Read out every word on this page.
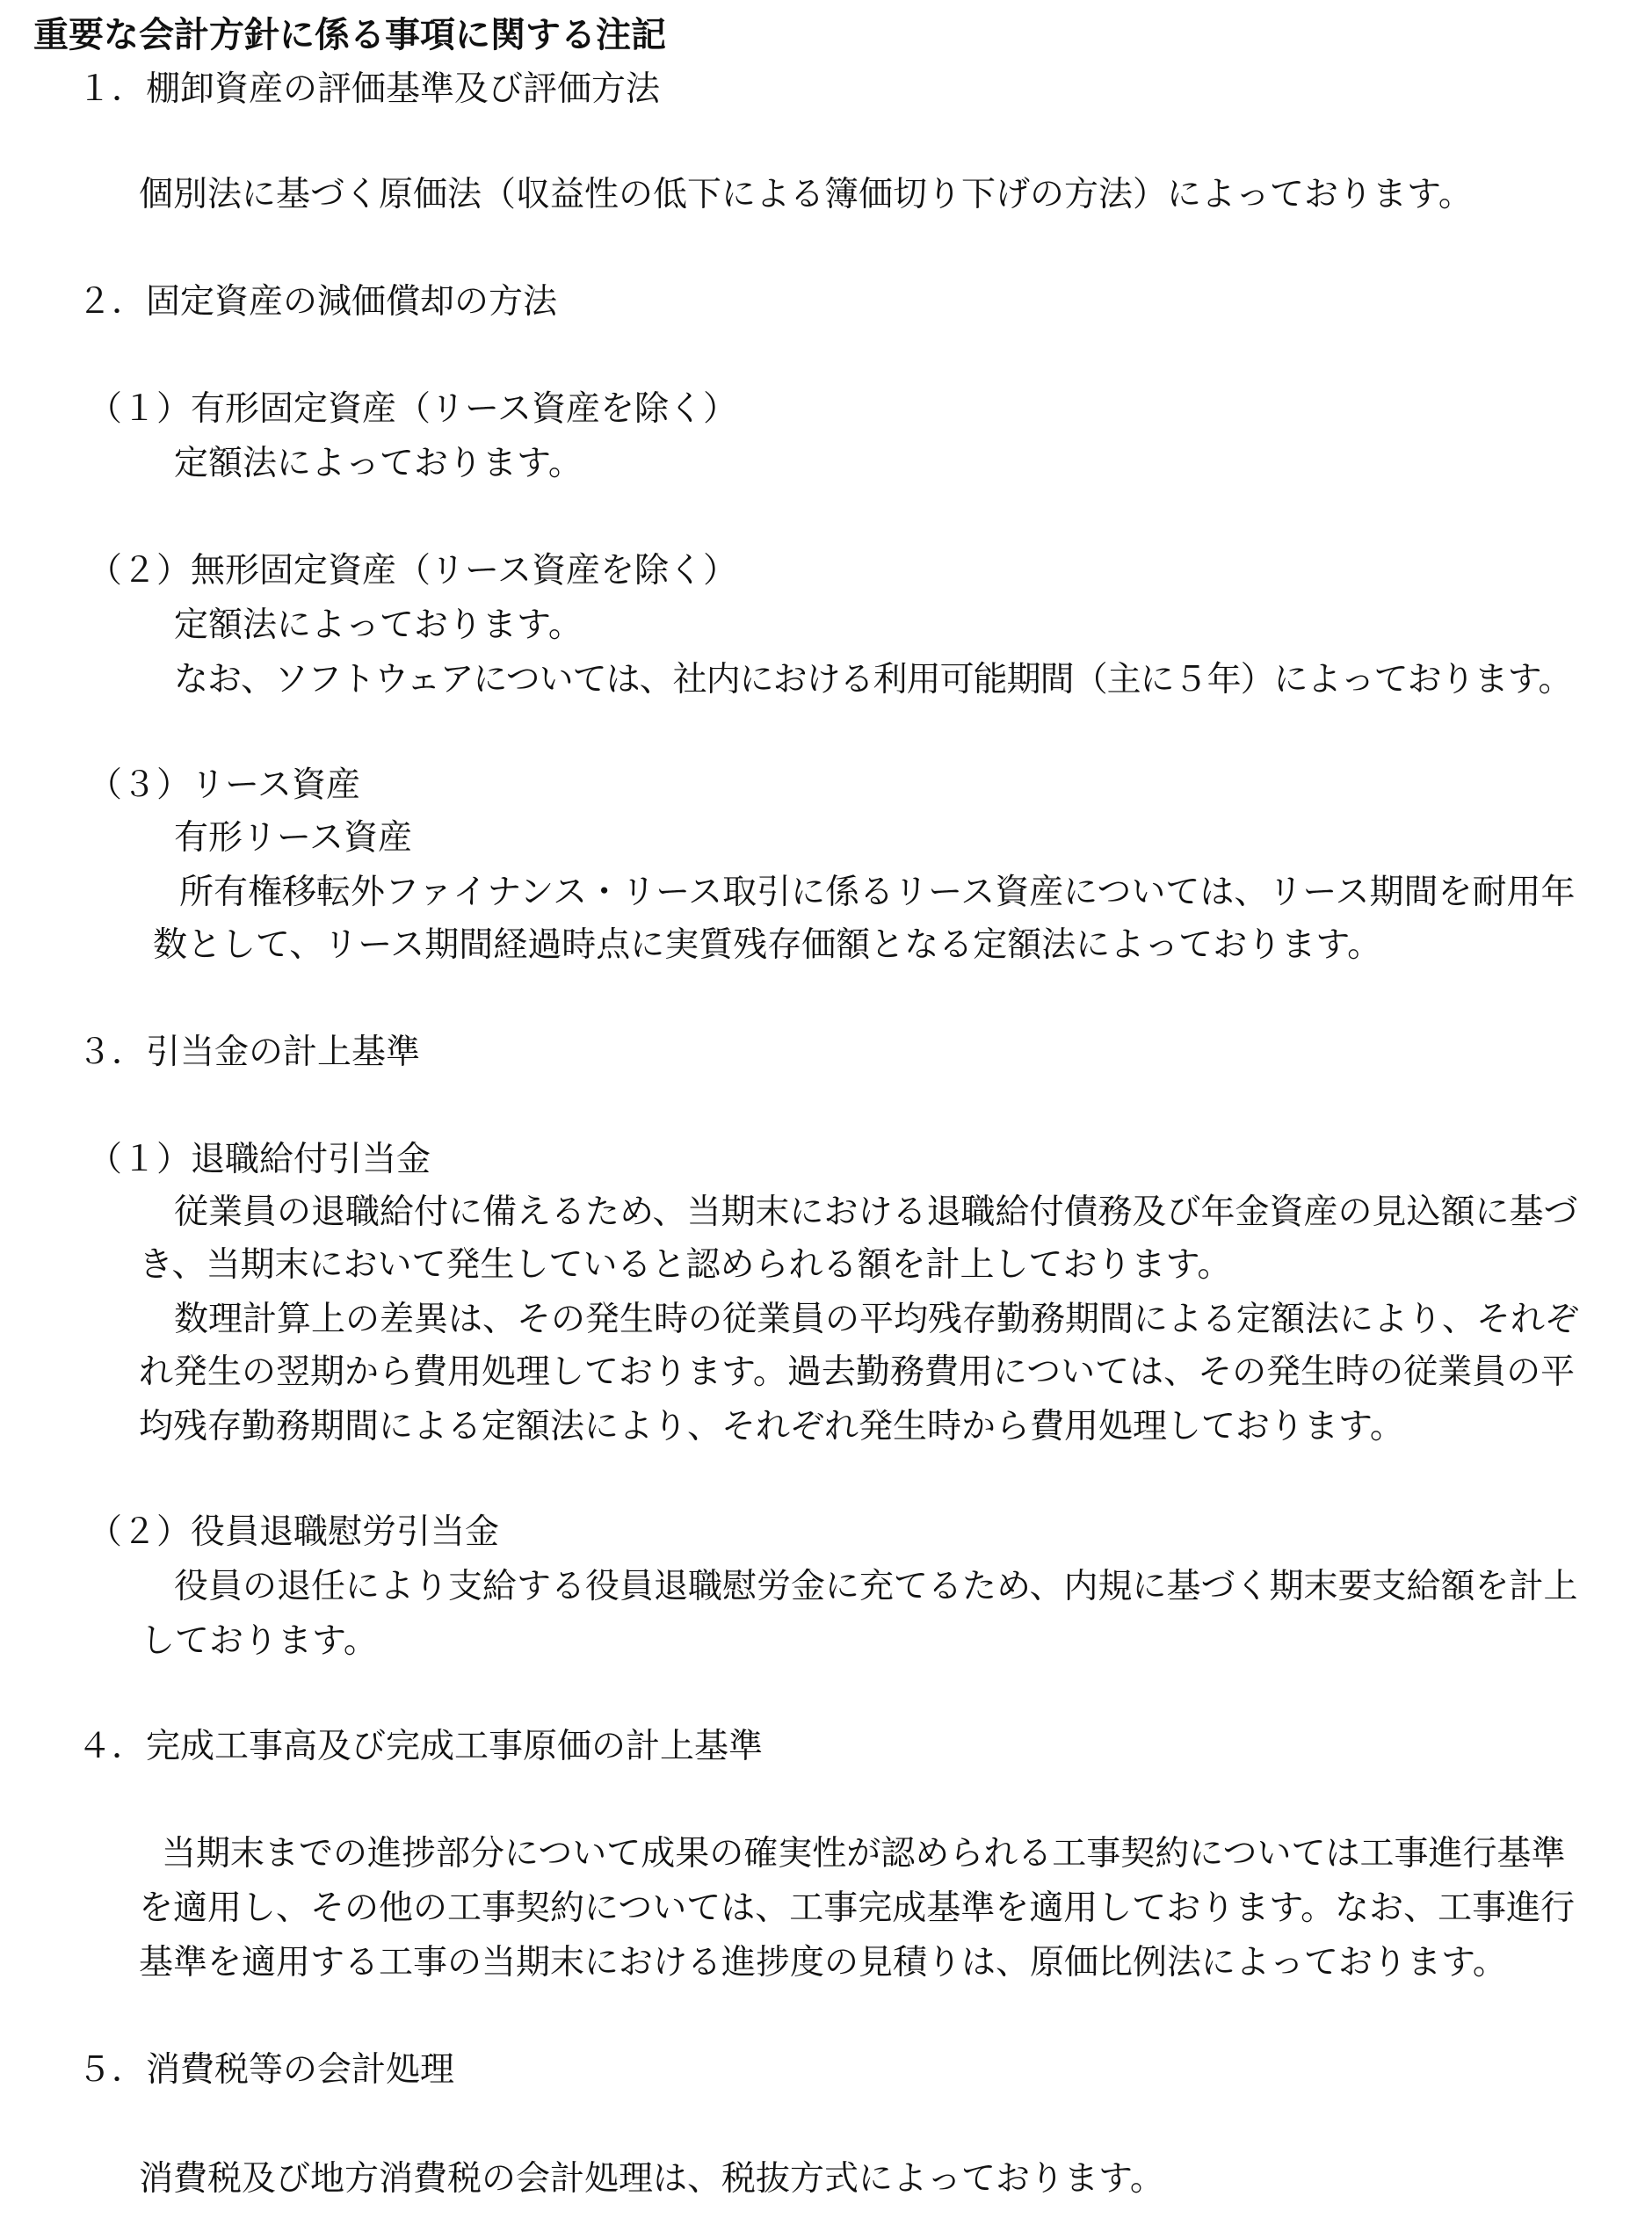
重要な会計方針に係る事項に関する注記

１．棚卸資産の評価基準及び評価方法

個別法に基づく原価法（収益性の低下による簿価切り下げの方法）によっております。

２．固定資産の減価償却の方法

（１）有形固定資産（リース資産を除く）

定額法によっております。

（２）無形固定資産（リース資産を除く）

定額法によっております。

なお、ソフトウェアについては、社内における利用可能期間（主に５年）によっております。

（３）リース資産

有形リース資産

所有権移転外ファイナンス・リース取引に係るリース資産については、リース期間を耐用年

数として、リース期間経過時点に実質残存価額となる定額法によっております。

３．引当金の計上基準

（１）退職給付引当金

従業員の退職給付に備えるため、当期末における退職給付債務及び年金資産の見込額に基づ

き、当期末において発生していると認められる額を計上しております。

数理計算上の差異は、その発生時の従業員の平均残存勤務期間による定額法により、それぞ

れ発生の翌期から費用処理しております。過去勤務費用については、その発生時の従業員の平

均残存勤務期間による定額法により、それぞれ発生時から費用処理しております。

（２）役員退職慰労引当金

役員の退任により支給する役員退職慰労金に充てるため、内規に基づく期末要支給額を計上

しております。

４．完成工事高及び完成工事原価の計上基準

当期末までの進捗部分について成果の確実性が認められる工事契約については工事進行基準

を適用し、その他の工事契約については、工事完成基準を適用しております。なお、工事進行

基準を適用する工事の当期末における進捗度の見積りは、原価比例法によっております。

５．消費税等の会計処理

消費税及び地方消費税の会計処理は、税抜方式によっております。
